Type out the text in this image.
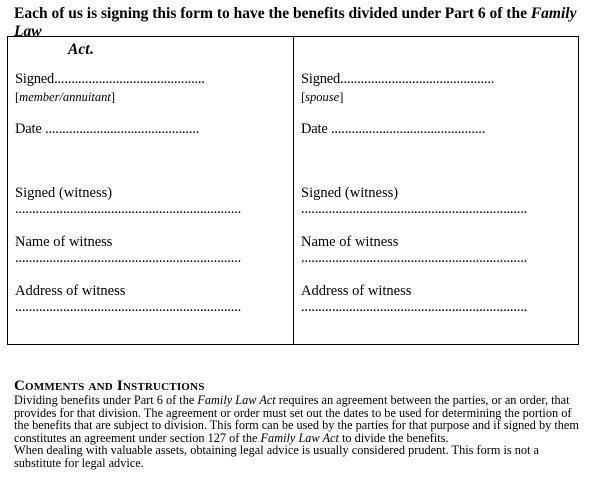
Each of us is signing this form to have the benefits divided under Part 6 of the Family Law
Act.
Signed............................................
[member/annuitant]
Date .............................................
Signed (witness)
..................................................................
Name of witness
..................................................................
Address of witness
..................................................................
Signed.............................................
[spouse]
Date .............................................
Signed (witness)
..................................................................
Name of witness
..................................................................
Address of witness
..................................................................
Comments and Instructions

Dividing benefits under Part 6 of the Family Law Act requires an agreement between the parties, or an order, that provides for that division. The agreement or order must set out the dates to be used for determining the portion of the benefits that are subject to division. This form can be used by the parties for that purpose and if signed by them constitutes an agreement under section 127 of the Family Law Act to divide the benefits.

When dealing with valuable assets, obtaining legal advice is usually considered prudent. This form is not a substitute for legal advice.
